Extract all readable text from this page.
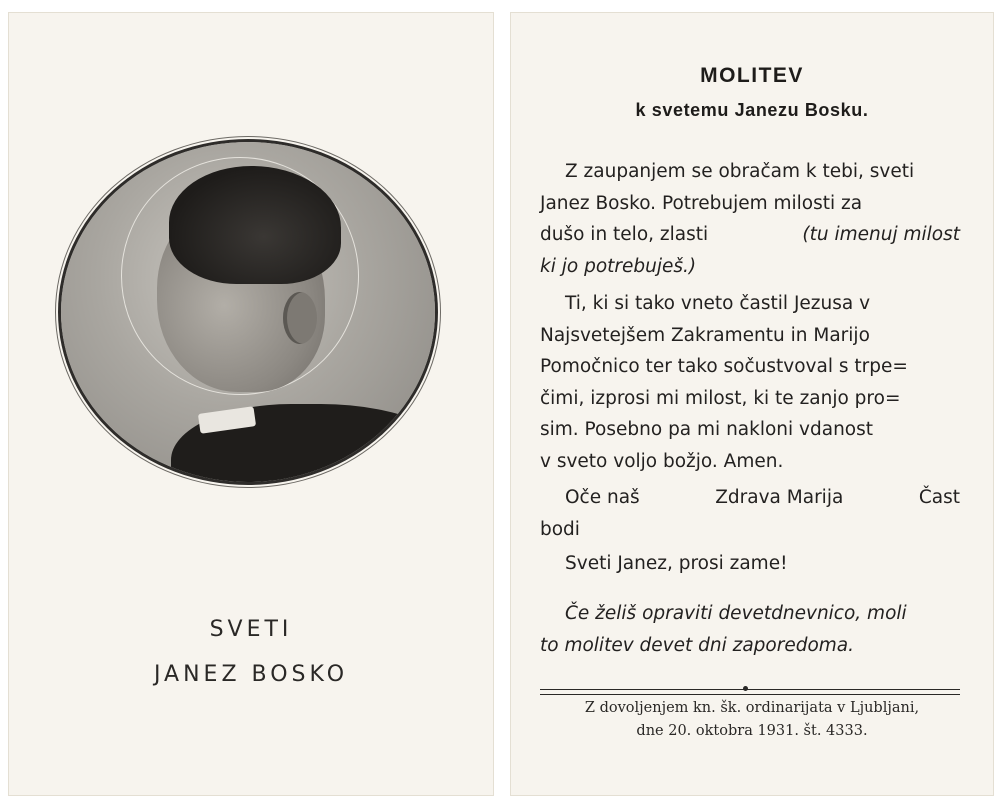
SVETI
JANEZ BOSKO
MOLITEV
k svetemu Janezu Bosku.
Z zaupanjem se obračam k tebi, sveti
Janez Bosko. Potrebujem milosti za
dušo in telo, zlasti	(tu imenuj milost
ki jo potrebuješ.)
Ti, ki si tako vneto častil Jezusa v
Najsvetejšem Zakramentu in Marijo
Pomočnico ter tako sočustvoval s trpe=
čimi, izprosi mi milost, ki te zanjo pro=
sim. Posebno pa mi nakloni vdanost
v sveto voljo božjo. Amen.
Oče naš	Zdrava Marija	Čast
bodi
Sveti Janez, prosi zame!
Če želiš opraviti devetdnevnico, moli
to molitev devet dni zaporedoma.
Z dovoljenjem kn. šk. ordinarijata v Ljubljani,
dne 20. oktobra 1931. št. 4333.
